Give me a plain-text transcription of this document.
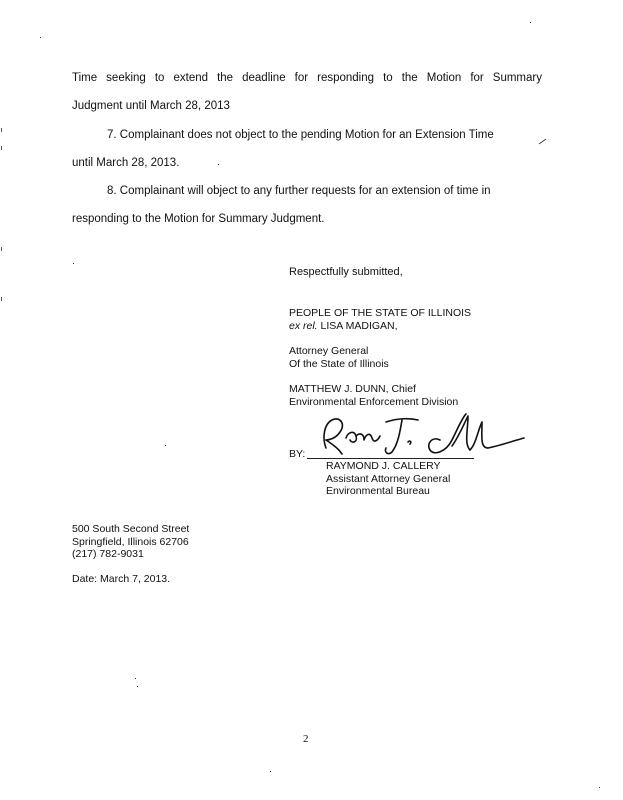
Time seeking to extend the deadline for responding to the Motion for Summary
Judgment until March 28, 2013
7. Complainant does not object to the pending Motion for an Extension Time
until March 28, 2013.
8. Complainant will object to any further requests for an extension of time in
responding to the Motion for Summary Judgment.
Respectfully submitted,
PEOPLE OF THE STATE OF ILLINOIS
ex rel. LISA MADIGAN,
Attorney General
Of the State of Illinois
MATTHEW J. DUNN, Chief
Environmental Enforcement Division
BY:
RAYMOND J. CALLERY
Assistant Attorney General
Environmental Bureau
500 South Second Street
Springfield, Illinois 62706
(217) 782-9031
Date: March 7, 2013.
2
